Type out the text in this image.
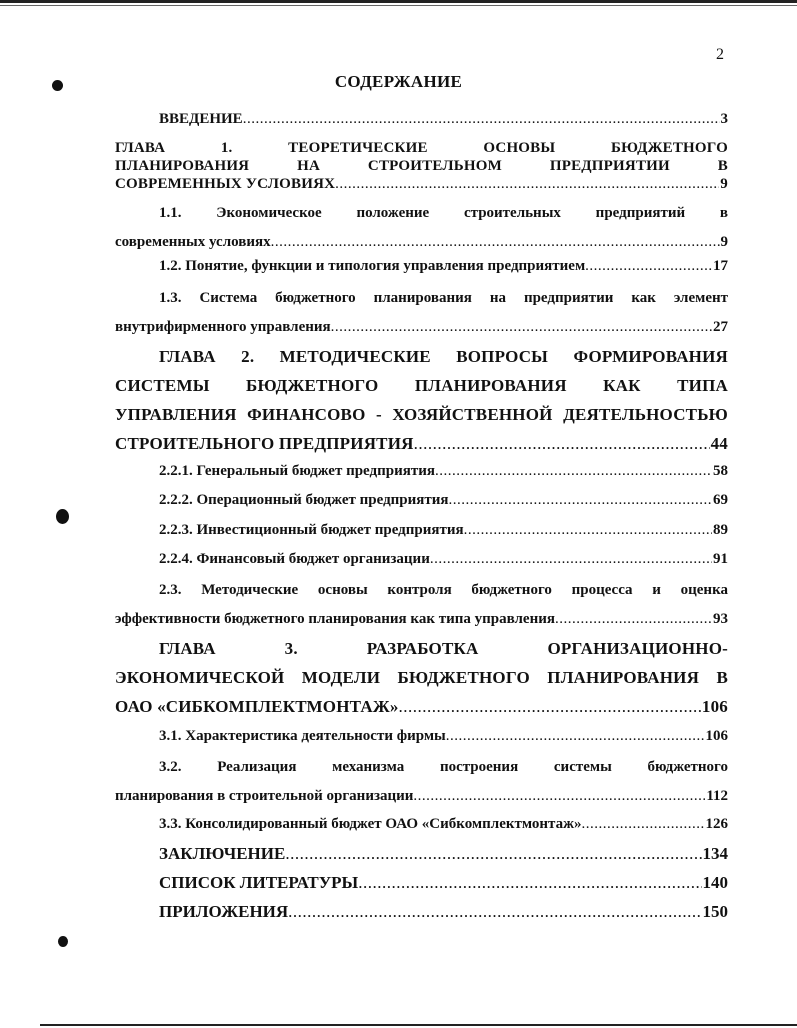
2
СОДЕРЖАНИЕ
ВВЕДЕНИЕ .....	3
ГЛАВА 1. ТЕОРЕТИЧЕСКИЕ ОСНОВЫ БЮДЖЕТНОГО
ПЛАНИРОВАНИЯ НА СТРОИТЕЛЬНОМ ПРЕДПРИЯТИИ В
СОВРЕМЕННЫХ УСЛОВИЯХ .....	9
1.1. Экономическое положение строительных предприятий в
современных условиях .....	9
1.2. Понятие, функции и типология управления предприятием .....	17
1.3. Система бюджетного планирования на предприятии как элемент
внутрифирменного управления .....	27
ГЛАВА 2. МЕТОДИЧЕСКИЕ ВОПРОСЫ ФОРМИРОВАНИЯ
СИСТЕМЫ БЮДЖЕТНОГО ПЛАНИРОВАНИЯ КАК ТИПА
УПРАВЛЕНИЯ ФИНАНСОВО - ХОЗЯЙСТВЕННОЙ ДЕЯТЕЛЬНОСТЬЮ
СТРОИТЕЛЬНОГО ПРЕДПРИЯТИЯ .....	44
2.2.1. Генеральный бюджет предприятия .....	58
2.2.2. Операционный бюджет предприятия .....	69
2.2.3. Инвестиционный бюджет предприятия .....	89
2.2.4. Финансовый бюджет организации .....	91
2.3. Методические основы контроля бюджетного процесса и оценка
эффективности бюджетного планирования как типа управления .....	93
ГЛАВА 3. РАЗРАБОТКА ОРГАНИЗАЦИОННО-
ЭКОНОМИЧЕСКОЙ МОДЕЛИ БЮДЖЕТНОГО ПЛАНИРОВАНИЯ В
ОАО «СИБКОМПЛЕКТМОНТАЖ» .....	106
3.1. Характеристика деятельности фирмы .....	106
3.2. Реализация механизма построения системы бюджетного
планирования в строительной организации .....	112
3.3. Консолидированный бюджет ОАО «Сибкомплектмонтаж» .....	126
ЗАКЛЮЧЕНИЕ .....	134
СПИСОК ЛИТЕРАТУРЫ .....	140
ПРИЛОЖЕНИЯ .....	150
